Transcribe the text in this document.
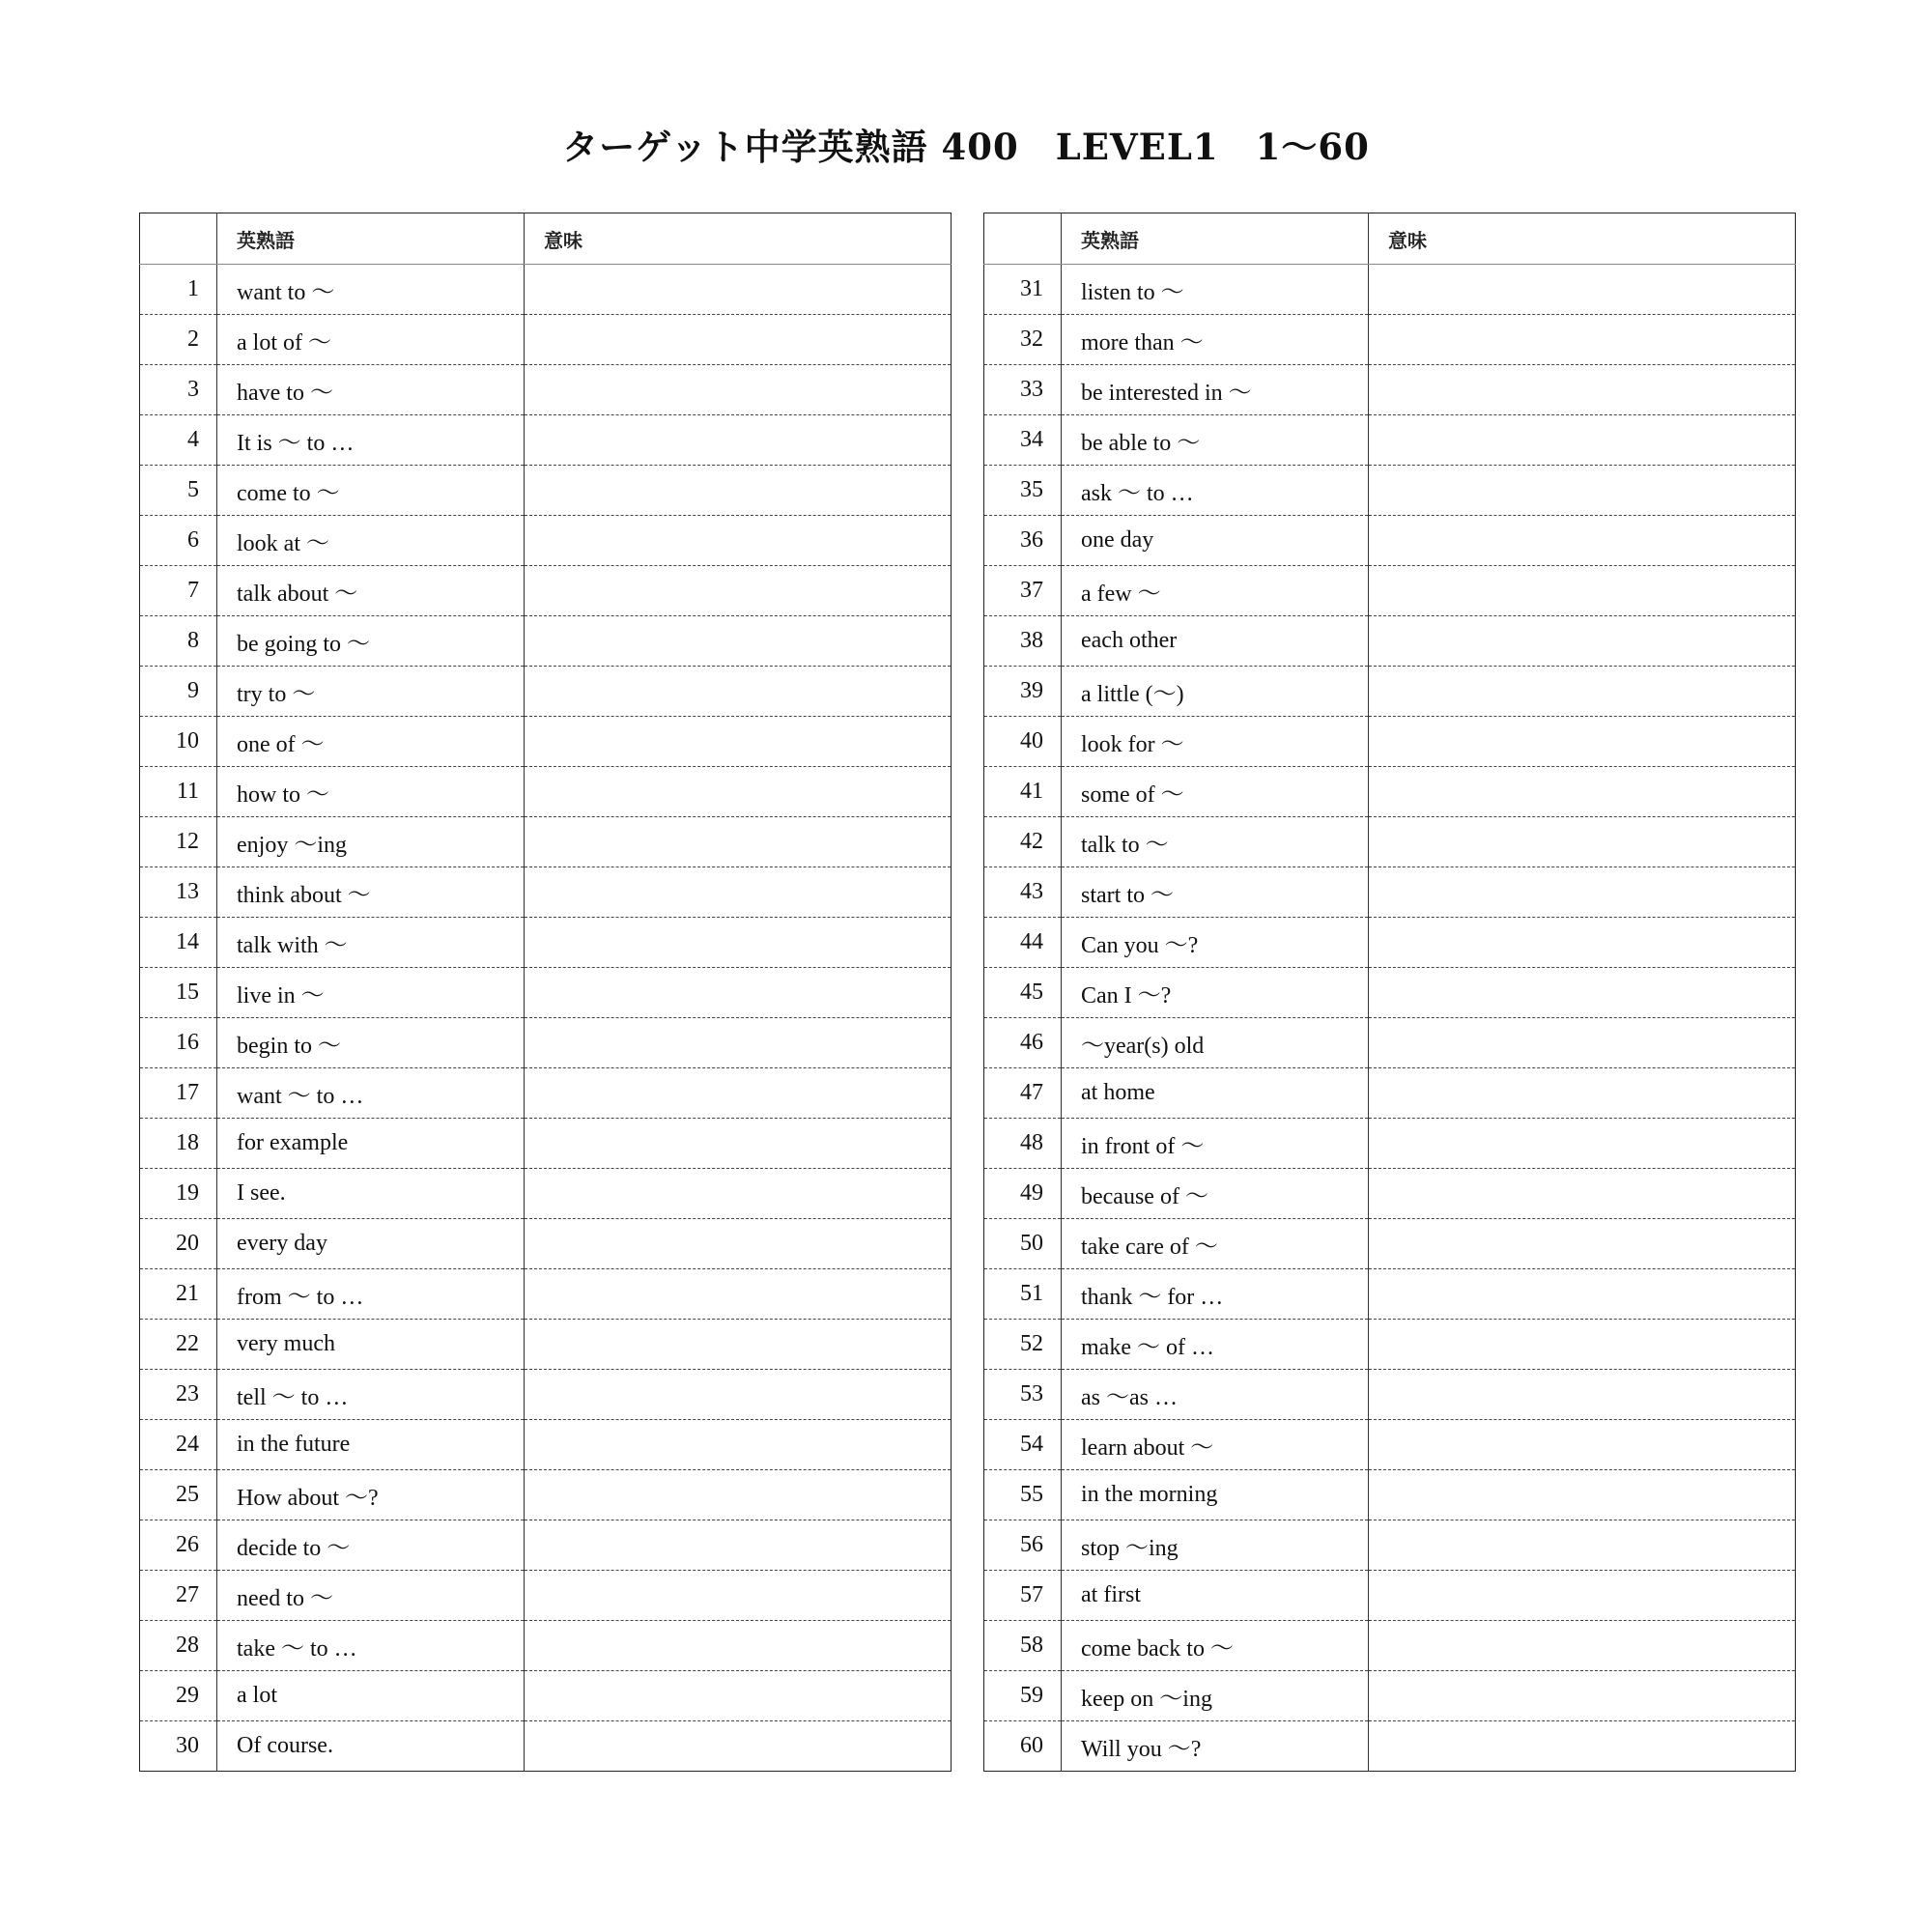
ターゲット中学英熟語 400　LEVEL1　1～60
	英熟語	意味
1	want to ～	
2	a lot of ～	
3	have to ～	
4	It is ～ to …	
5	come to ～	
6	look at ～	
7	talk about ～	
8	be going to ～	
9	try to ～	
10	one of ～	
11	how to ～	
12	enjoy ～ing	
13	think about ～	
14	talk with ～	
15	live in ～	
16	begin to ～	
17	want ～ to …	
18	for example	
19	I see.	
20	every day	
21	from ～ to …	
22	very much	
23	tell ～ to …	
24	in the future	
25	How about ～?	
26	decide to ～	
27	need to ～	
28	take ～ to …	
29	a lot	
30	Of course.	
	英熟語	意味
31	listen to ～	
32	more than ～	
33	be interested in ～	
34	be able to ～	
35	ask ～ to …	
36	one day	
37	a few ～	
38	each other	
39	a little (～)	
40	look for ～	
41	some of ～	
42	talk to ～	
43	start to ～	
44	Can you ～?	
45	Can I ～?	
46	～year(s) old	
47	at home	
48	in front of ～	
49	because of ～	
50	take care of ～	
51	thank ～ for …	
52	make ～ of …	
53	as ～as …	
54	learn about ～	
55	in the morning	
56	stop ～ing	
57	at first	
58	come back to ～	
59	keep on ～ing	
60	Will you ～?	
